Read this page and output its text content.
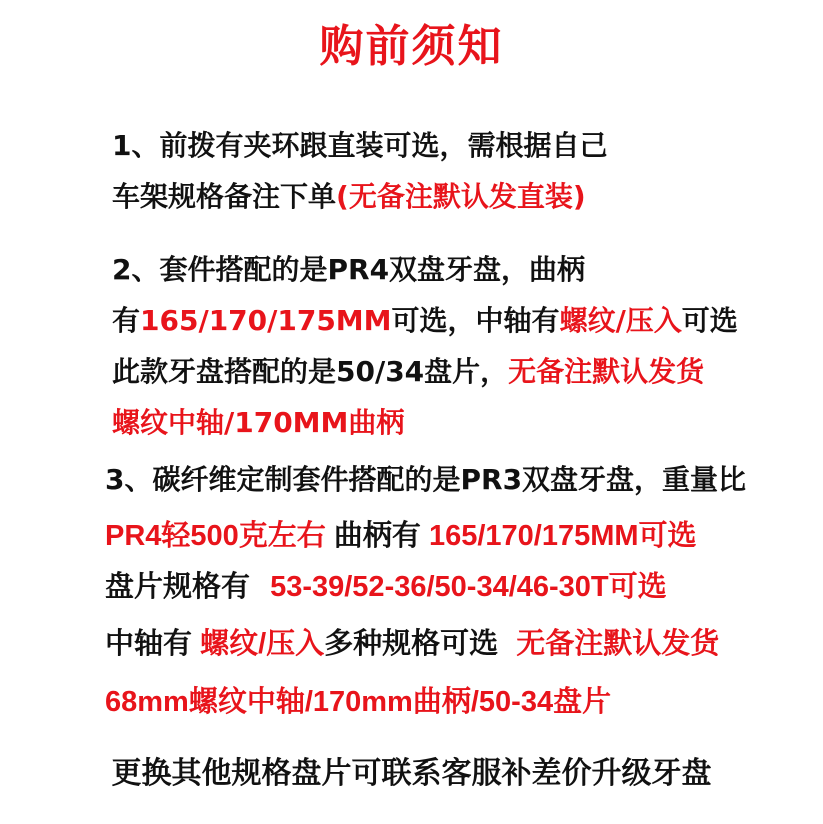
购前须知
1、前拨有夹环跟直装可选，需根据自己
车架规格备注下单(无备注默认发直装)
2、套件搭配的是PR4双盘牙盘，曲柄
有165/170/175MM可选，中轴有螺纹/压入可选
此款牙盘搭配的是50/34盘片，无备注默认发货
螺纹中轴/170MM曲柄
3、碳纤维定制套件搭配的是PR3双盘牙盘，重量比
PR4轻500克左右 曲柄有 165/170/175MM可选
盘片规格有 53-39/52-36/50-34/46-30T可选
中轴有 螺纹/压入多种规格可选 无备注默认发货
68mm螺纹中轴/170mm曲柄/50-34盘片
更换其他规格盘片可联系客服补差价升级牙盘
